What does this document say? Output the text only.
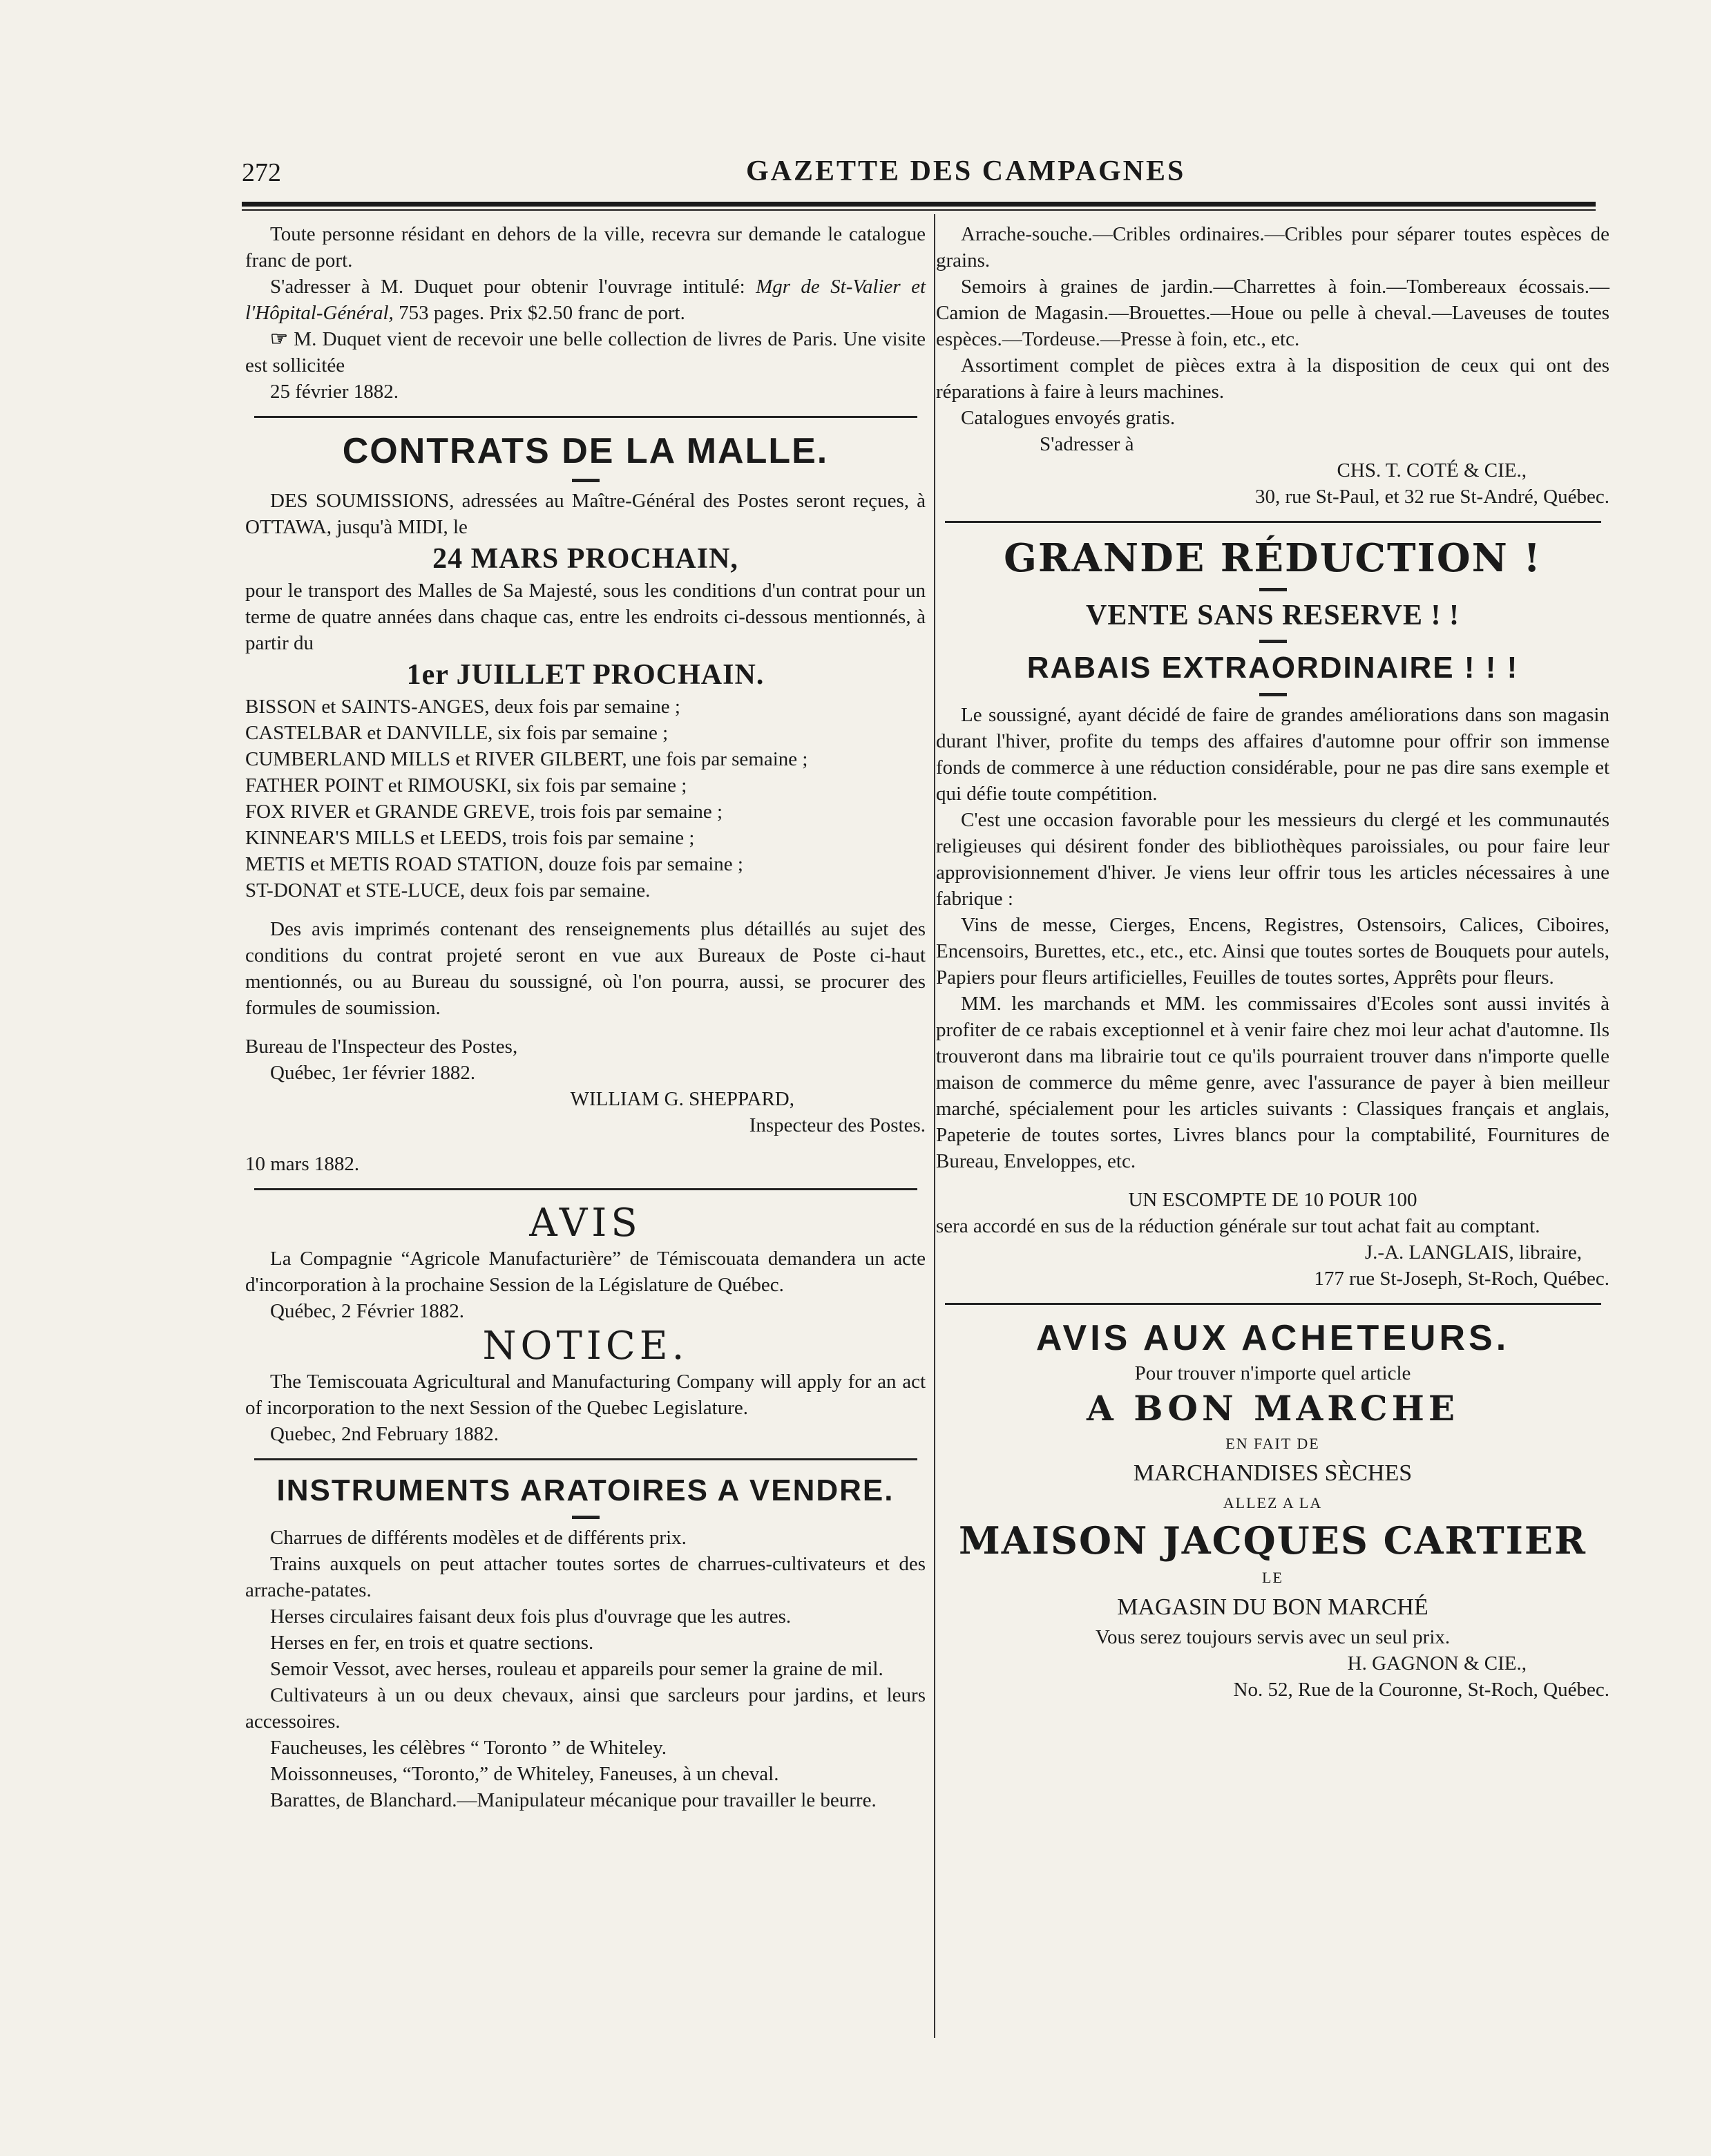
272	GAZETTE DES CAMPAGNES

Toute personne résidant en dehors de la ville, recevra sur demande le catalogue franc de port.

S'adresser à M. Duquet pour obtenir l'ouvrage intitulé: Mgr de St-Valier et l'Hôpital-Général, 753 pages. Prix $2.50 franc de port.

☞ M. Duquet vient de recevoir une belle collection de livres de Paris. Une visite est sollicitée

25 février 1882.

CONTRATS DE LA MALLE.

DES SOUMISSIONS, adressées au Maître-Général des Postes seront reçues, à OTTAWA, jusqu'à MIDI, le

24 MARS PROCHAIN,

pour le transport des Malles de Sa Majesté, sous les conditions d'un contrat pour un terme de quatre années dans chaque cas, entre les endroits ci-dessous mentionnés, à partir du

1er JUILLET PROCHAIN.

BISSON et SAINTS-ANGES, deux fois par semaine ;

CASTELBAR et DANVILLE, six fois par semaine ;

CUMBERLAND MILLS et RIVER GILBERT, une fois par semaine ;

FATHER POINT et RIMOUSKI, six fois par semaine ;

FOX RIVER et GRANDE GREVE, trois fois par semaine ;

KINNEAR'S MILLS et LEEDS, trois fois par semaine ;

METIS et METIS ROAD STATION, douze fois par semaine ;

ST-DONAT et STE-LUCE, deux fois par semaine.

Des avis imprimés contenant des renseignements plus détaillés au sujet des conditions du contrat projeté seront en vue aux Bureaux de Poste ci-haut mentionnés, ou au Bureau du soussigné, où l'on pourra, aussi, se procurer des formules de soumission.

Bureau de l'Inspecteur des Postes,

Québec, 1er février 1882.

WILLIAM G. SHEPPARD,

Inspecteur des Postes.

10 mars 1882.

AVIS

La Compagnie “Agricole Manufacturière” de Témiscouata demandera un acte d'incorporation à la prochaine Session de la Législature de Québec.

Québec, 2 Février 1882.

NOTICE.

The Temiscouata Agricultural and Manufacturing Company will apply for an act of incorporation to the next Session of the Quebec Legislature.

Quebec, 2nd February 1882.

INSTRUMENTS ARATOIRES A VENDRE.

Charrues de différents modèles et de différents prix.

Trains auxquels on peut attacher toutes sortes de charrues-cultivateurs et des arrache-patates.

Herses circulaires faisant deux fois plus d'ouvrage que les autres.

Herses en fer, en trois et quatre sections.

Semoir Vessot, avec herses, rouleau et appareils pour semer la graine de mil.

Cultivateurs à un ou deux chevaux, ainsi que sarcleurs pour jardins, et leurs accessoires.

Faucheuses, les célèbres “ Toronto ” de Whiteley.

Moissonneuses, “Toronto,” de Whiteley, Faneuses, à un cheval.

Barattes, de Blanchard.—Manipulateur mécanique pour travailler le beurre.

Arrache-souche.—Cribles ordinaires.—Cribles pour séparer toutes espèces de grains.

Semoirs à graines de jardin.—Charrettes à foin.—Tombereaux écossais.—Camion de Magasin.—Brouettes.—Houe ou pelle à cheval.—Laveuses de toutes espèces.—Tordeuse.—Presse à foin, etc., etc.

Assortiment complet de pièces extra à la disposition de ceux qui ont des réparations à faire à leurs machines.

Catalogues envoyés gratis.

S'adresser à

CHS. T. COTÉ & CIE.,

30, rue St-Paul, et 32 rue St-André, Québec.

GRANDE RÉDUCTION !
VENTE SANS RESERVE ! !
RABAIS EXTRAORDINAIRE ! ! !

Le soussigné, ayant décidé de faire de grandes améliorations dans son magasin durant l'hiver, profite du temps des affaires d'automne pour offrir son immense fonds de commerce à une réduction considérable, pour ne pas dire sans exemple et qui défie toute compétition.

C'est une occasion favorable pour les messieurs du clergé et les communautés religieuses qui désirent fonder des bibliothèques paroissiales, ou pour faire leur approvisionnement d'hiver. Je viens leur offrir tous les articles nécessaires à une fabrique :

Vins de messe, Cierges, Encens, Registres, Ostensoirs, Calices, Ciboires, Encensoirs, Burettes, etc., etc., etc. Ainsi que toutes sortes de Bouquets pour autels, Papiers pour fleurs artificielles, Feuilles de toutes sortes, Apprêts pour fleurs.

MM. les marchands et MM. les commissaires d'Ecoles sont aussi invités à profiter de ce rabais exceptionnel et à venir faire chez moi leur achat d'automne. Ils trouveront dans ma librairie tout ce qu'ils pourraient trouver dans n'importe quelle maison de commerce du même genre, avec l'assurance de payer à bien meilleur marché, spécialement pour les articles suivants : Classiques français et anglais, Papeterie de toutes sortes, Livres blancs pour la comptabilité, Fournitures de Bureau, Enveloppes, etc.

UN ESCOMPTE DE 10 POUR 100

sera accordé en sus de la réduction générale sur tout achat fait au comptant.

J.-A. LANGLAIS, libraire,

177 rue St-Joseph, St-Roch, Québec.

AVIS AUX ACHETEURS.

Pour trouver n'importe quel article

A BON MARCHE

EN FAIT DE

MARCHANDISES SÈCHES

ALLEZ A LA

MAISON JACQUES CARTIER

LE

MAGASIN DU BON MARCHÉ

Vous serez toujours servis avec un seul prix.

H. GAGNON & CIE.,

No. 52, Rue de la Couronne, St-Roch, Québec.
